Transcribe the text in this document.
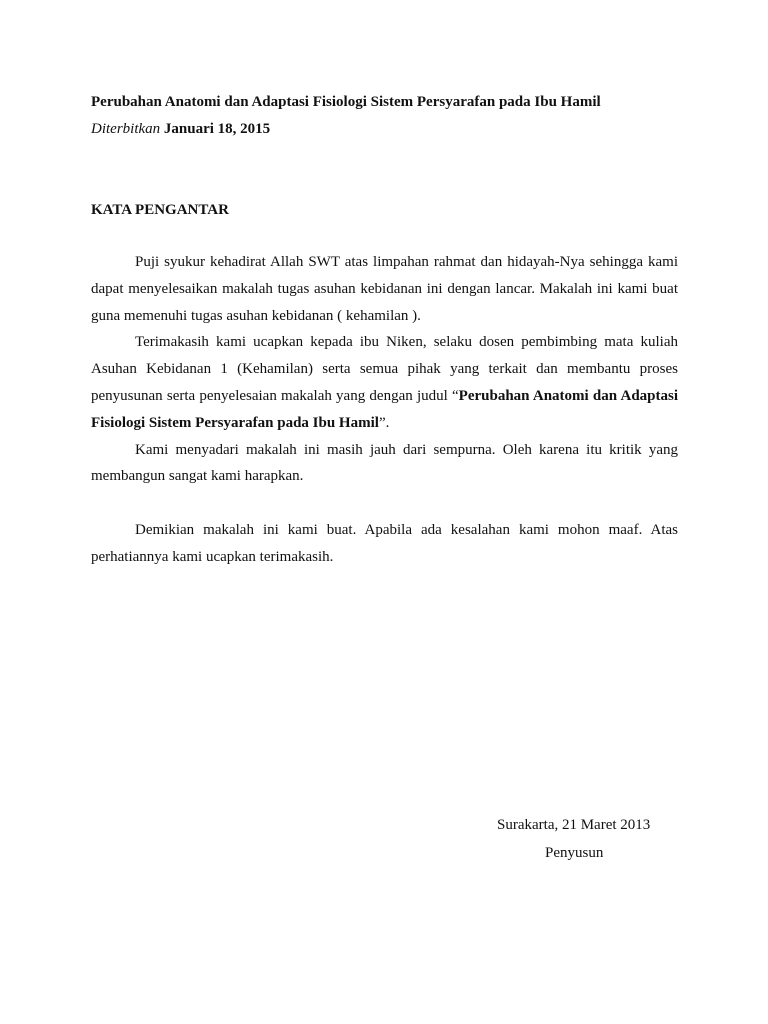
Perubahan Anatomi dan Adaptasi Fisiologi Sistem Persyarafan pada Ibu Hamil
Diterbitkan Januari 18, 2015
KATA PENGANTAR

Puji syukur kehadirat Allah SWT atas limpahan rahmat dan hidayah-Nya sehingga kami dapat menyelesaikan makalah tugas asuhan kebidanan ini dengan lancar. Makalah ini kami buat guna memenuhi tugas asuhan kebidanan ( kehamilan ).

Terimakasih kami ucapkan kepada ibu Niken, selaku dosen pembimbing mata kuliah Asuhan Kebidanan 1 (Kehamilan) serta semua pihak yang terkait dan membantu proses penyusunan serta penyelesaian makalah yang dengan judul “Perubahan Anatomi dan Adaptasi Fisiologi Sistem Persyarafan pada Ibu Hamil”.

Kami menyadari makalah ini masih jauh dari sempurna. Oleh karena itu kritik yang membangun sangat kami harapkan.

Demikian makalah ini kami buat. Apabila ada kesalahan kami mohon maaf. Atas perhatiannya kami ucapkan terimakasih.

Surakarta, 21 Maret 2013
Penyusun
